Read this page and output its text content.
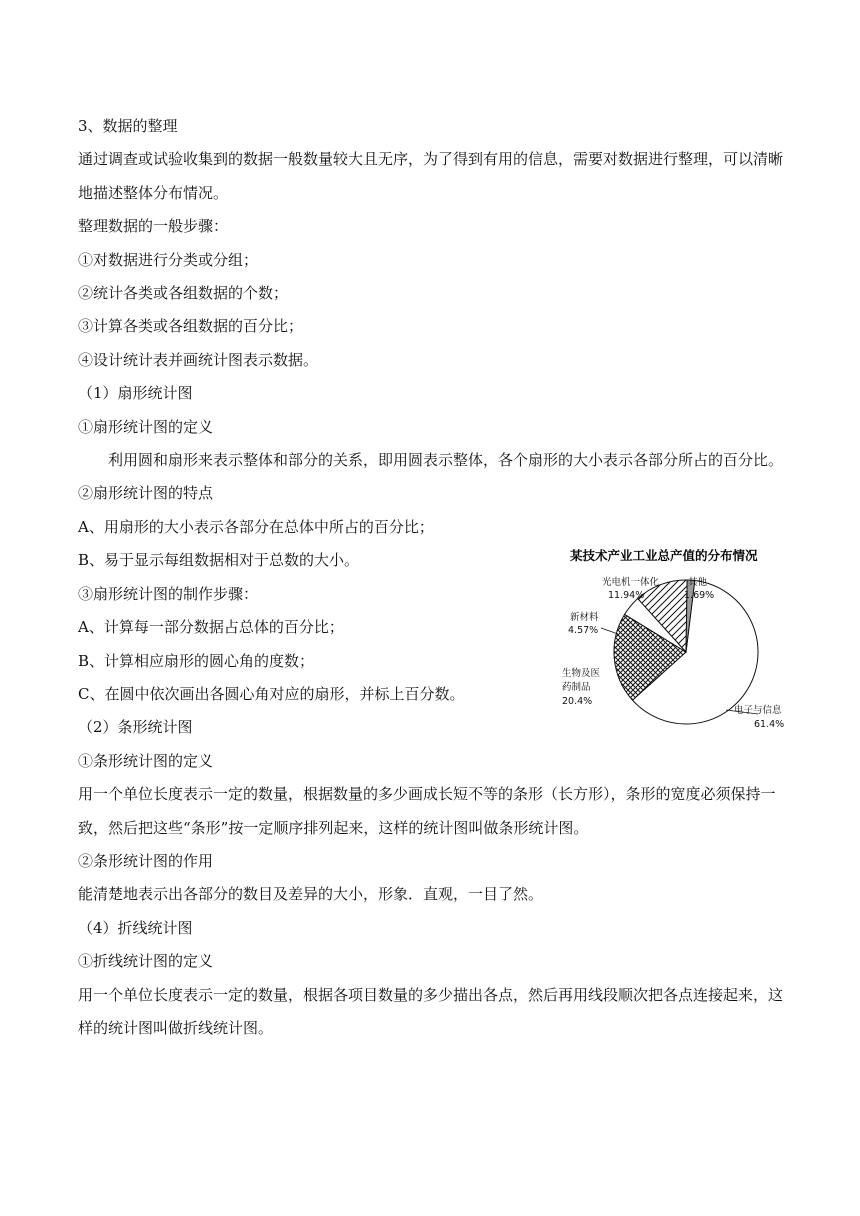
3、数据的整理
通过调查或试验收集到的数据一般数量较大且无序，为了得到有用的信息，需要对数据进行整理，可以清晰地描述整体分布情况。
整理数据的一般步骤：
①对数据进行分类或分组；
②统计各类或各组数据的个数；
③计算各类或各组数据的百分比；
④设计统计表并画统计图表示数据。
（1）扇形统计图
①扇形统计图的定义
利用圆和扇形来表示整体和部分的关系，即用圆表示整体，各个扇形的大小表示各部分所占的百分比。
②扇形统计图的特点
A、用扇形的大小表示各部分在总体中所占的百分比；
B、易于显示每组数据相对于总数的大小。
③扇形统计图的制作步骤：
A、计算每一部分数据占总体的百分比；
B、计算相应扇形的圆心角的度数；
C、在圆中依次画出各圆心角对应的扇形，并标上百分数。
（2）条形统计图
①条形统计图的定义
用一个单位长度表示一定的数量，根据数量的多少画成长短不等的条形（长方形），条形的宽度必须保持一致，然后把这些“条形”按一定顺序排列起来，这样的统计图叫做条形统计图。
②条形统计图的作用
能清楚地表示出各部分的数目及差异的大小，形象．直观，一目了然。
（4）折线统计图
①折线统计图的定义
用一个单位长度表示一定的数量，根据各项目数量的多少描出各点，然后再用线段顺次把各点连接起来，这样的统计图叫做折线统计图。
某技术产业工业总产值的分布情况
光电机一体化
11.94%
其他
1.69%
新材料
4.57%
生物及医
药制品
20.4%
电子与信息
61.4%
